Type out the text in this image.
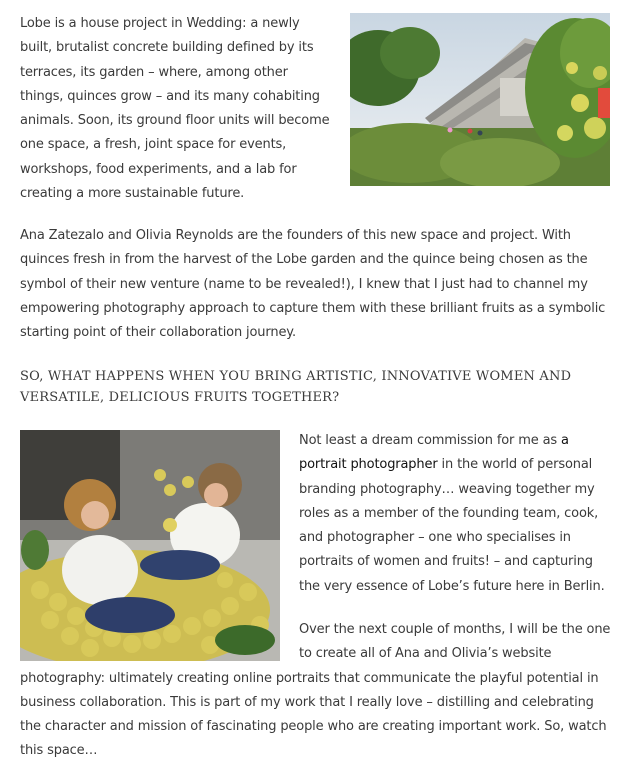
Lobe is a house project in Wedding: a newly built, brutalist concrete building defined by its terraces, its garden – where, among other things, quinces grow – and its many cohabiting animals. Soon, its ground floor units will become one space, a fresh, joint space for events, workshops, food experiments, and a lab for creating a more sustainable future.

Ana Zatezalo and Olivia Reynolds are the founders of this new space and project. With quinces fresh in from the harvest of the Lobe garden and the quince being chosen as the symbol of their new venture (name to be revealed!), I knew that I just had to channel my empowering photography approach to capture them with these brilliant fruits as a symbolic starting point of their collaboration journey.

SO, WHAT HAPPENS WHEN YOU BRING ARTISTIC, INNOVATIVE WOMEN AND VERSATILE, DELICIOUS FRUITS TOGETHER?

Not least a dream commission for me as a portrait photographer in the world of personal branding photography… weaving together my roles as a member of the founding team, cook, and photographer – one who specialises in portraits of women and fruits! – and capturing the very essence of Lobe’s future here in Berlin.

Over the next couple of months, I will be the one to create all of Ana and Olivia’s website photography: ultimately creating online portraits that communicate the playful potential in business collaboration. This is part of my work that I really love – distilling and celebrating the character and mission of fascinating people who are creating important work. So, watch this space…
